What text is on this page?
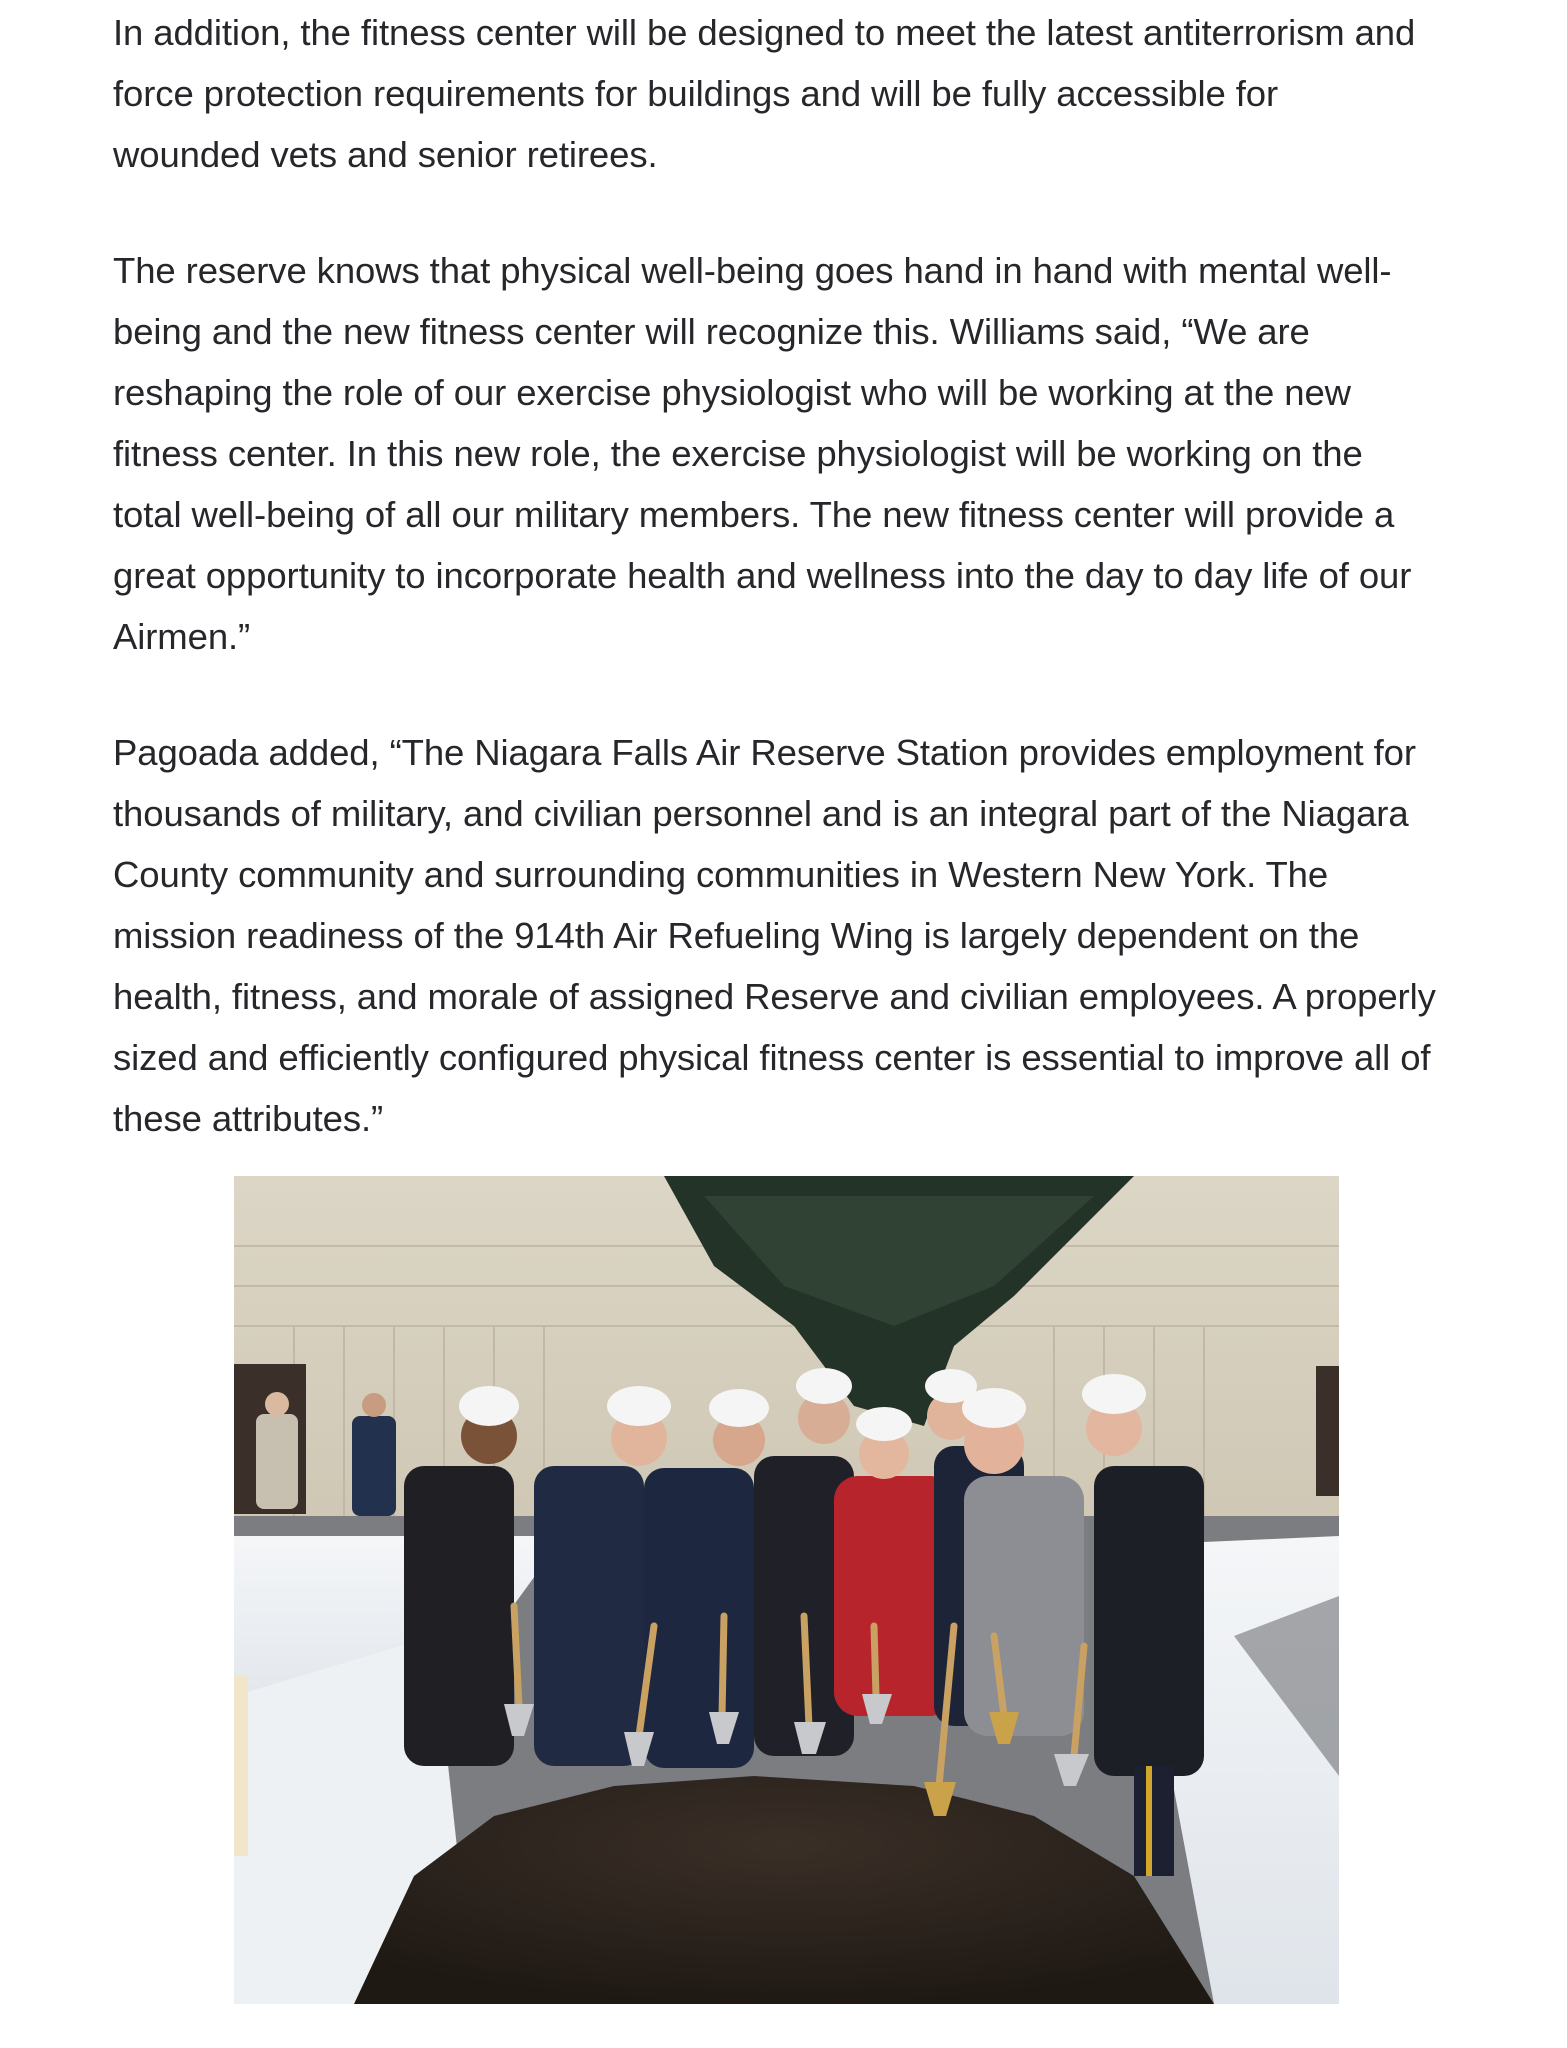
In addition, the fitness center will be designed to meet the latest antiterrorism and
force protection requirements for buildings and will be fully accessible for
wounded vets and senior retirees.

The reserve knows that physical well-being goes hand in hand with mental well-
being and the new fitness center will recognize this. Williams said, “We are
reshaping the role of our exercise physiologist who will be working at the new
fitness center. In this new role, the exercise physiologist will be working on the
total well-being of all our military members. The new fitness center will provide a
great opportunity to incorporate health and wellness into the day to day life of our
Airmen.”

Pagoada added, “The Niagara Falls Air Reserve Station provides employment for
thousands of military, and civilian personnel and is an integral part of the Niagara
County community and surrounding communities in Western New York. The
mission readiness of the 914th Air Refueling Wing is largely dependent on the
health, fitness, and morale of assigned Reserve and civilian employees. A properly
sized and efficiently configured physical fitness center is essential to improve all of
these attributes.”
